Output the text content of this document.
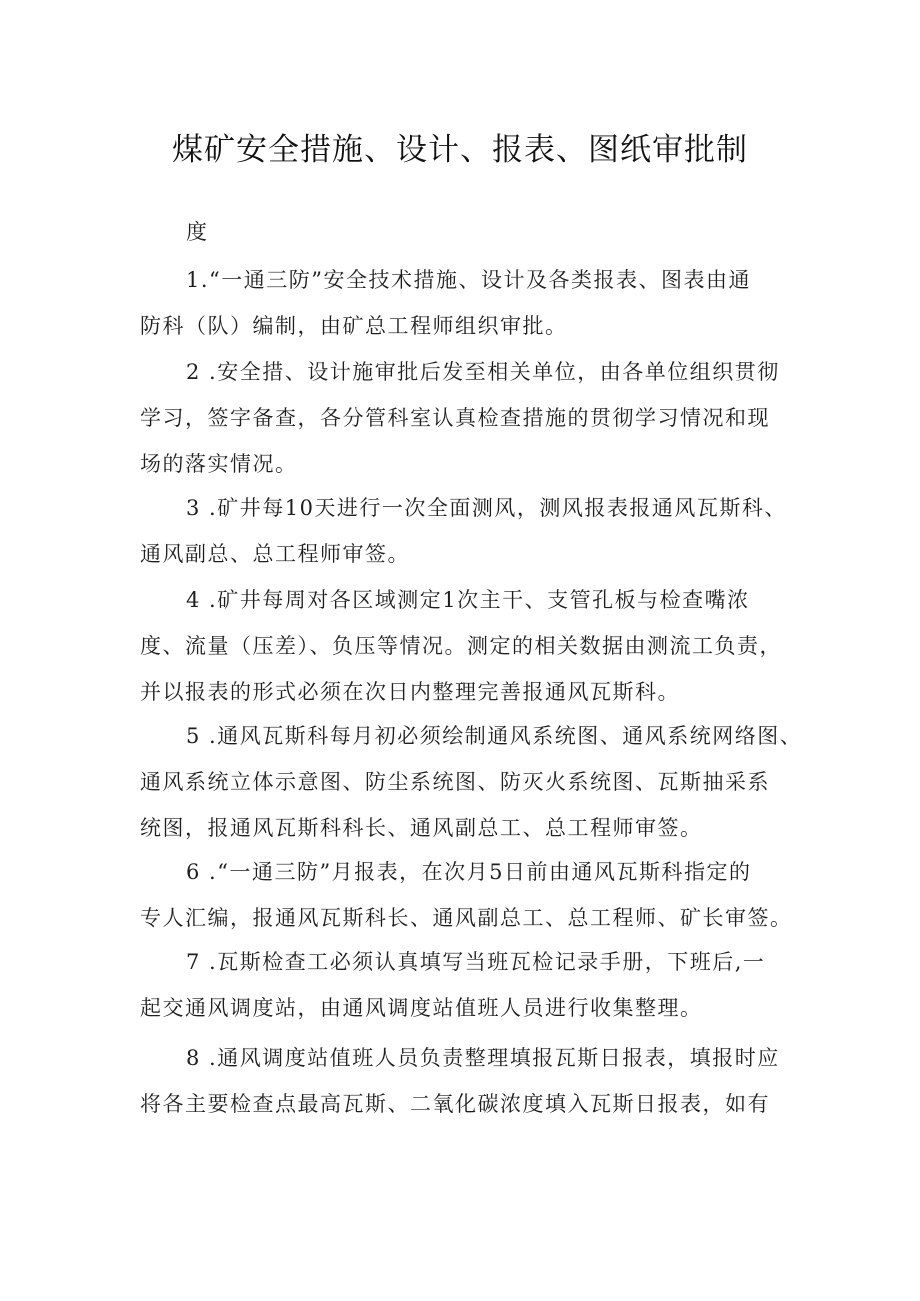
煤矿安全措施、设计、报表、图纸审批制
度
1.“一通三防”安全技术措施、设计及各类报表、图表由通
防科（队）编制，由矿总工程师组织审批。
2 .安全措、设计施审批后发至相关单位，由各单位组织贯彻
学习，签字备查，各分管科室认真检查措施的贯彻学习情况和现
场的落实情况。
3 .矿井每10天进行一次全面测风，测风报表报通风瓦斯科、
通风副总、总工程师审签。
4 .矿井每周对各区域测定1次主干、支管孔板与检查嘴浓
度、流量（压差）、负压等情况。测定的相关数据由测流工负责，
并以报表的形式必须在次日内整理完善报通风瓦斯科。
5 .通风瓦斯科每月初必须绘制通风系统图、通风系统网络图、
通风系统立体示意图、防尘系统图、防灭火系统图、瓦斯抽采系
统图，报通风瓦斯科科长、通风副总工、总工程师审签。
6 .“一通三防”月报表，在次月5日前由通风瓦斯科指定的
专人汇编，报通风瓦斯科长、通风副总工、总工程师、矿长审签。
7 .瓦斯检查工必须认真填写当班瓦检记录手册，下班后,一
起交通风调度站，由通风调度站值班人员进行收集整理。
8 .通风调度站值班人员负责整理填报瓦斯日报表，填报时应
将各主要检查点最高瓦斯、二氧化碳浓度填入瓦斯日报表，如有
